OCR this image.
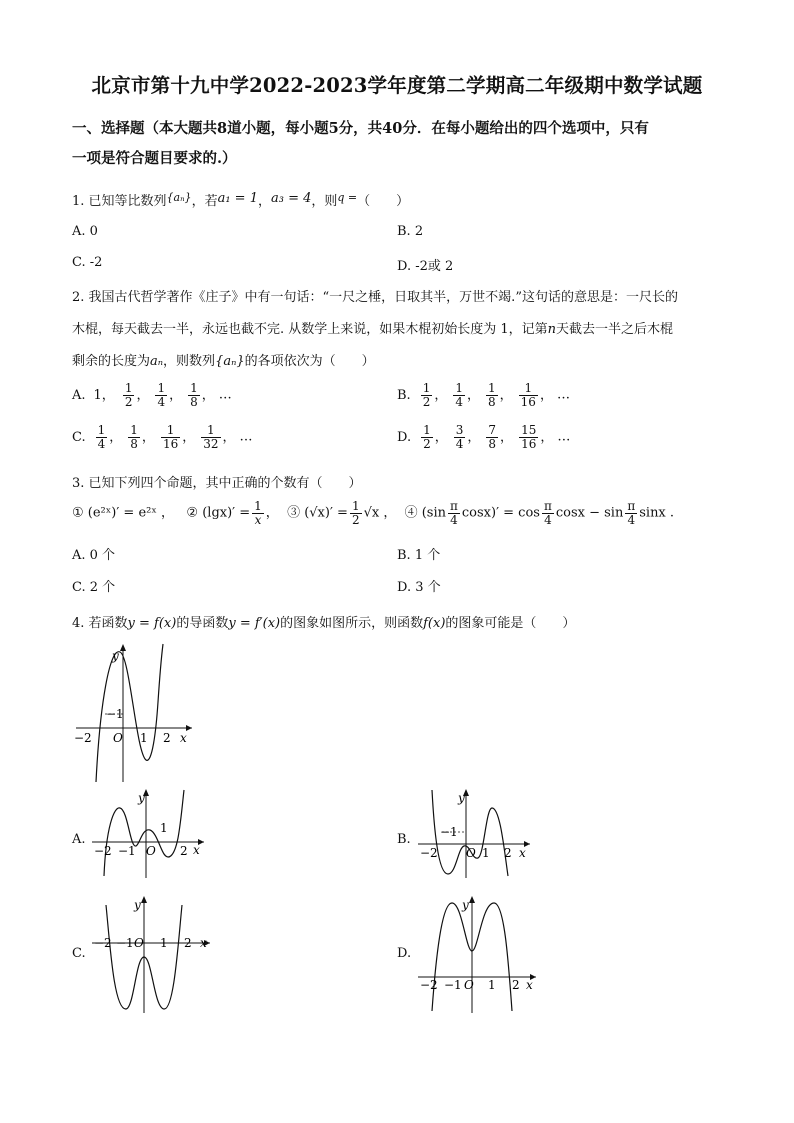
北京市第十九中学2022-2023学年度第二学期高二年级期中数学试题
一、选择题（本大题共8道小题，每小题5分，共40分．在每小题给出的四个选项中，只有
一项是符合题目要求的.）
1. 已知等比数列$^{\{a_n\}}$，若a₁ = 1，a₃ = 4，则$^{q =}$（　　）
A. 0	B. 2
C. -2	D. -2或 2
2. 我国古代哲学著作《庄子》中有一句话：“一尺之棰，日取其半，万世不竭.”这句话的意思是：一尺长的
木棍，每天截去一半，永远也截不完. 从数学上来说，如果木棍初始长度为 1，记第n天截去一半之后木棍
剩余的长度为aₙ，则数列{aₙ}的各项依次为（　　）
A. 1， $\frac{1}{2}$ ， $\frac{1}{4}$ ， $\frac{1}{8}$ ， …	B. $\frac{1}{2}$ ， $\frac{1}{4}$ ， $\frac{1}{8}$ ， $\frac{1}{16}$ ， …
C. $\frac{1}{4}$ ， $\frac{1}{8}$ ， $\frac{1}{16}$ ， $\frac{1}{32}$ ， …	D. $\frac{1}{2}$ ， $\frac{3}{4}$ ， $\frac{7}{8}$ ， $\frac{15}{16}$ ， …
3. 已知下列四个命题，其中正确的个数有（　　）
① (e²ˣ)′ = e²ˣ ， ② $(\lg x)' = \frac{1}{x}$ ， ③ $(√x)' = \frac{1}{2} √x$ ， ④ $(\sin \frac{\pi}{4} \cos x)' = \cos \frac{\pi}{4}$ $\cos x - \sin \frac{\pi}{4}$ sinx .
A. 0 个	B. 1 个
C. 2 个	D. 3 个
4. 若函数y = f(x)的导函数y = f′(x)的图象如图所示，则函数f(x)的图象可能是（　　）
y
x
O
−2
−1
1 2
A.
y
x
O
−2 −1
1
2
B.
y
x
O
−2
−1
1 2
C.
y
x
O
−2 −1 1 2
D.
y
x
O
−2 −1 1 2
